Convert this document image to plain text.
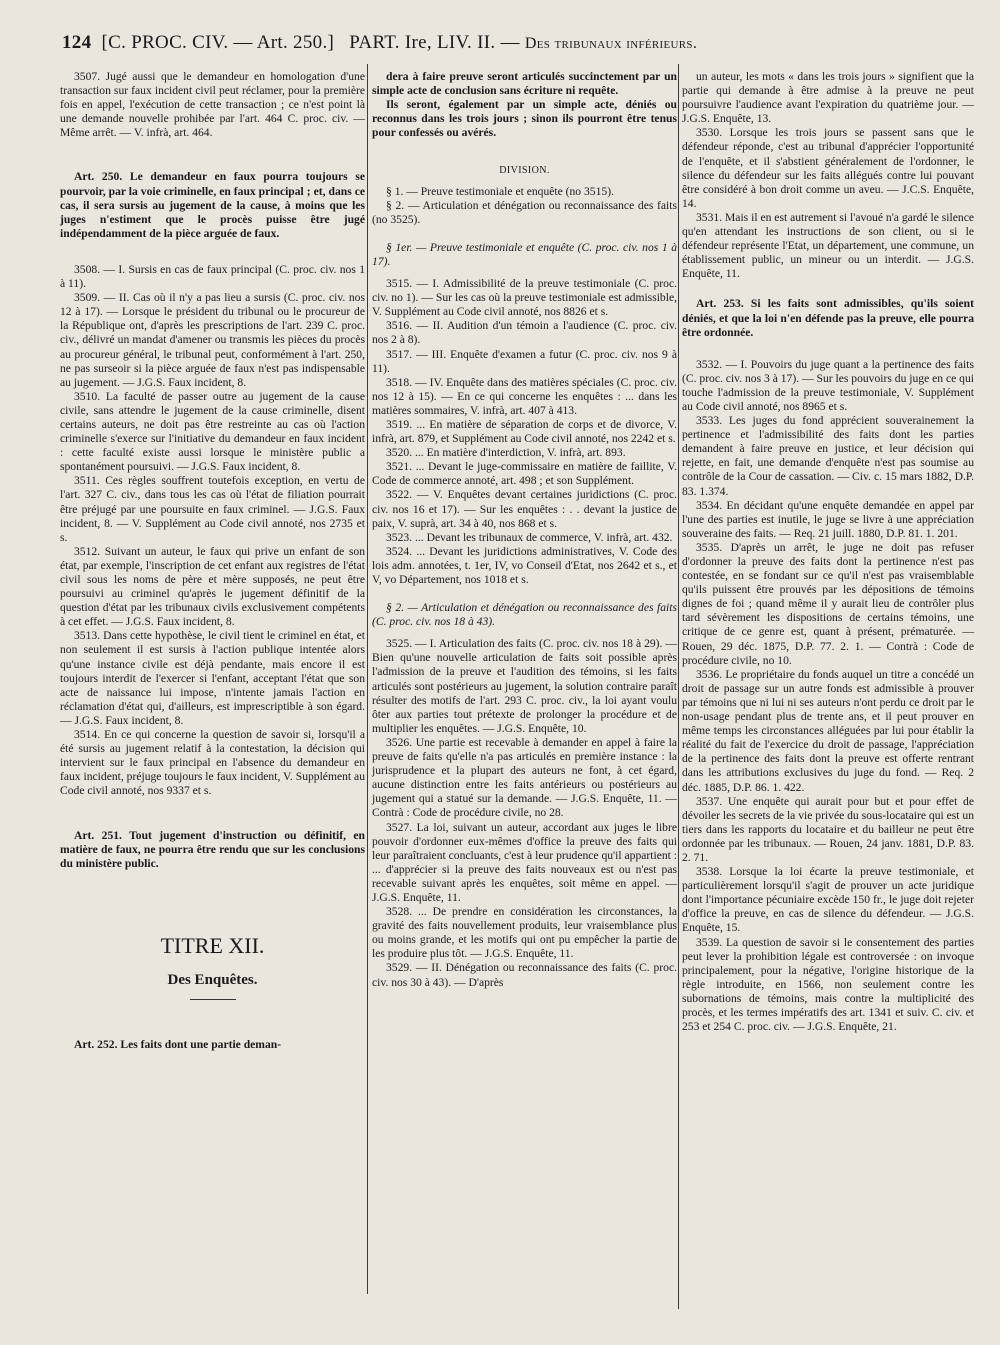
124 [C. PROC. CIV. — Art. 250.] PART. Ire, LIV. II. — Des tribunaux inférieurs.

3507. Jugé aussi que le demandeur en homologation d'une transaction sur faux incident civil peut réclamer, pour la première fois en appel, l'exécution de cette transaction ; ce n'est point là une demande nouvelle prohibée par l'art. 464 C. proc. civ. — Même arrêt. — V. infrà, art. 464.

Art. 250. Le demandeur en faux pourra toujours se pourvoir, par la voie criminelle, en faux principal ; et, dans ce cas, il sera sursis au jugement de la cause, à moins que les juges n'estiment que le procès puisse être jugé indépendamment de la pièce arguée de faux.

3508. — I. Sursis en cas de faux principal (C. proc. civ. nos 1 à 11).

3509. — II. Cas où il n'y a pas lieu a sursis (C. proc. civ. nos 12 à 17). — Lorsque le président du tribunal ou le procureur de la République ont, d'après les prescriptions de l'art. 239 C. proc. civ., délivré un mandat d'amener ou transmis les pièces du procès au procureur général, le tribunal peut, conformément à l'art. 250, ne pas surseoir si la pièce arguée de faux n'est pas indispensable au jugement. — J.G.S. Faux incident, 8.

3510. La faculté de passer outre au jugement de la cause civile, sans attendre le jugement de la cause criminelle, disent certains auteurs, ne doit pas être restreinte au cas où l'action criminelle s'exerce sur l'initiative du demandeur en faux incident : cette faculté existe aussi lorsque le ministère public a spontanément poursuivi. — J.G.S. Faux incident, 8.

3511. Ces règles souffrent toutefois exception, en vertu de l'art. 327 C. civ., dans tous les cas où l'état de filiation pourrait être préjugé par une poursuite en faux criminel. — J.G.S. Faux incident, 8. — V. Supplément au Code civil annoté, nos 2735 et s.

3512. Suivant un auteur, le faux qui prive un enfant de son état, par exemple, l'inscription de cet enfant aux registres de l'état civil sous les noms de père et mère supposés, ne peut être poursuivi au criminel qu'après le jugement définitif de la question d'état par les tribunaux civils exclusivement compétents à cet effet. — J.G.S. Faux incident, 8.

3513. Dans cette hypothèse, le civil tient le criminel en état, et non seulement il est sursis à l'action publique intentée alors qu'une instance civile est déjà pendante, mais encore il est toujours interdit de l'exercer si l'enfant, acceptant l'état que son acte de naissance lui impose, n'intente jamais l'action en réclamation d'état qui, d'ailleurs, est imprescriptible à son égard. — J.G.S. Faux incident, 8.

3514. En ce qui concerne la question de savoir si, lorsqu'il a été sursis au jugement relatif à la contestation, la décision qui intervient sur le faux principal en l'absence du demandeur en faux incident, préjuge toujours le faux incident, V. Supplément au Code civil annoté, nos 9337 et s.

Art. 251. Tout jugement d'instruction ou définitif, en matière de faux, ne pourra être rendu que sur les conclusions du ministère public.

TITRE XII.

Des Enquêtes.

Art. 252. Les faits dont une partie deman-

dera à faire preuve seront articulés succinctement par un simple acte de conclusion sans écriture ni requête.

Ils seront, également par un simple acte, déniés ou reconnus dans les trois jours ; sinon ils pourront être tenus pour confessés ou avérés.

DIVISION.

§ 1. — Preuve testimoniale et enquête (no 3515).

§ 2. — Articulation et dénégation ou reconnaissance des faits (no 3525).

§ 1er. — Preuve testimoniale et enquête (C. proc. civ. nos 1 à 17).

3515. — I. Admissibilité de la preuve testimoniale (C. proc. civ. no 1). — Sur les cas où la preuve testimoniale est admissible, V. Supplément au Code civil annoté, nos 8826 et s.

3516. — II. Audition d'un témoin a l'audience (C. proc. civ. nos 2 à 8).

3517. — III. Enquête d'examen a futur (C. proc. civ. nos 9 à 11).

3518. — IV. Enquête dans des matières spéciales (C. proc. civ. nos 12 à 15). — En ce qui concerne les enquêtes : ... dans les matières sommaires, V. infrà, art. 407 à 413.

3519. ... En matière de séparation de corps et de divorce, V. infrà, art. 879, et Supplément au Code civil annoté, nos 2242 et s.

3520. ... En matière d'interdiction, V. infrà, art. 893.

3521. ... Devant le juge-commissaire en matière de faillite, V. Code de commerce annoté, art. 498 ; et son Supplément.

3522. — V. Enquêtes devant certaines juridictions (C. proc. civ. nos 16 et 17). — Sur les enquêtes : . . devant la justice de paix, V. suprà, art. 34 à 40, nos 868 et s.

3523. ... Devant les tribunaux de commerce, V. infrà, art. 432.

3524. ... Devant les juridictions administratives, V. Code des lois adm. annotées, t. 1er, IV, vo Conseil d'Etat, nos 2642 et s., et V, vo Département, nos 1018 et s.

§ 2. — Articulation et dénégation ou reconnaissance des faits (C. proc. civ. nos 18 à 43).

3525. — I. Articulation des faits (C. proc. civ. nos 18 à 29). — Bien qu'une nouvelle articulation de faits soit possible après l'admission de la preuve et l'audition des témoins, si les faits articulés sont postérieurs au jugement, la solution contraire paraît résulter des motifs de l'art. 293 C. proc. civ., la loi ayant voulu ôter aux parties tout prétexte de prolonger la procédure et de multiplier les enquêtes. — J.G.S. Enquête, 10.

3526. Une partie est recevable à demander en appel à faire la preuve de faits qu'elle n'a pas articulés en première instance : la jurisprudence et la plupart des auteurs ne font, à cet égard, aucune distinction entre les faits antérieurs ou postérieurs au jugement qui a statué sur la demande. — J.G.S. Enquête, 11. — Contrà : Code de procédure civile, no 28.

3527. La loi, suivant un auteur, accordant aux juges le libre pouvoir d'ordonner eux-mêmes d'office la preuve des faits qui leur paraîtraient concluants, c'est à leur prudence qu'il appartient : ... d'apprécier si la preuve des faits nouveaux est ou n'est pas recevable suivant après les enquêtes, soit même en appel. — J.G.S. Enquête, 11.

3528. ... De prendre en considération les circonstances, la gravité des faits nouvellement produits, leur vraisemblance plus ou moins grande, et les motifs qui ont pu empêcher la partie de les produire plus tôt. — J.G.S. Enquête, 11.

3529. — II. Dénégation ou reconnaissance des faits (C. proc. civ. nos 30 à 43). — D'après

un auteur, les mots « dans les trois jours » signifient que la partie qui demande à être admise à la preuve ne peut poursuivre l'audience avant l'expiration du quatrième jour. — J.G.S. Enquête, 13.

3530. Lorsque les trois jours se passent sans que le défendeur réponde, c'est au tribunal d'apprécier l'opportunité de l'enquête, et il s'abstient généralement de l'ordonner, le silence du défendeur sur les faits allégués contre lui pouvant être considéré à bon droit comme un aveu. — J.C.S. Enquête, 14.

3531. Mais il en est autrement si l'avoué n'a gardé le silence qu'en attendant les instructions de son client, ou si le défendeur représente l'Etat, un département, une commune, un établissement public, un mineur ou un interdit. — J.G.S. Enquête, 11.

Art. 253. Si les faits sont admissibles, qu'ils soient déniés, et que la loi n'en défende pas la preuve, elle pourra être ordonnée.

3532. — I. Pouvoirs du juge quant a la pertinence des faits (C. proc. civ. nos 3 à 17). — Sur les pouvoirs du juge en ce qui touche l'admission de la preuve testimoniale, V. Supplément au Code civil annoté, nos 8965 et s.

3533. Les juges du fond apprécient souverainement la pertinence et l'admissibilité des faits dont les parties demandent à faire preuve en justice, et leur décision qui rejette, en fait, une demande d'enquête n'est pas soumise au contrôle de la Cour de cassation. — Civ. c. 15 mars 1882, D.P. 83. 1.374.

3534. En décidant qu'une enquête demandée en appel par l'une des parties est inutile, le juge se livre à une appréciation souveraine des faits. — Req. 21 juill. 1880, D.P. 81. 1. 201.

3535. D'après un arrêt, le juge ne doit pas refuser d'ordonner la preuve des faits dont la pertinence n'est pas contestée, en se fondant sur ce qu'il n'est pas vraisemblable qu'ils puissent être prouvés par les dépositions de témoins dignes de foi ; quand même il y aurait lieu de contrôler plus tard sévèrement les dispositions de certains témoins, une critique de ce genre est, quant à présent, prématurée. — Rouen, 29 déc. 1875, D.P. 77. 2. 1. — Contrà : Code de procédure civile, no 10.

3536. Le propriétaire du fonds auquel un titre a concédé un droit de passage sur un autre fonds est admissible à prouver par témoins que ni lui ni ses auteurs n'ont perdu ce droit par le non-usage pendant plus de trente ans, et il peut prouver en même temps les circonstances alléguées par lui pour établir la réalité du fait de l'exercice du droit de passage, l'appréciation de la pertinence des faits dont la preuve est offerte rentrant dans les attributions exclusives du juge du fond. — Req. 2 déc. 1885, D.P. 86. 1. 422.

3537. Une enquête qui aurait pour but et pour effet de dévoiler les secrets de la vie privée du sous-locataire qui est un tiers dans les rapports du locataire et du bailleur ne peut être ordonnée par les tribunaux. — Rouen, 24 janv. 1881, D.P. 83. 2. 71.

3538. Lorsque la loi écarte la preuve testimoniale, et particulièrement lorsqu'il s'agit de prouver un acte juridique dont l'importance pécuniaire excède 150 fr., le juge doit rejeter d'office la preuve, en cas de silence du défendeur. — J.G.S. Enquête, 15.

3539. La question de savoir si le consentement des parties peut lever la prohibition légale est controversée : on invoque principalement, pour la négative, l'origine historique de la règle introduite, en 1566, non seulement contre les subornations de témoins, mais contre la multiplicité des procès, et les termes impératifs des art. 1341 et suiv. C. civ. et 253 et 254 C. proc. civ. — J.G.S. Enquête, 21.
